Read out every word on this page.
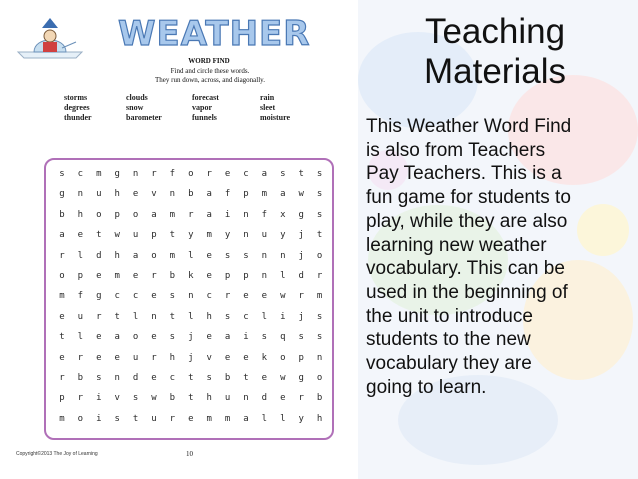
WEATHER
WORD FIND
Find and circle these words.
They run down, across, and diagonally.
storms	clouds	forecast	rain
degrees	snow	vapor	sleet
thunder	barometer	funnels	moisture
s	c	m	g	n	r	f	o	r	e	c	a	s	t	s
g	n	u	h	e	v	n	b	a	f	p	m	a	w	s
b	h	o	p	o	a	m	r	a	i	n	f	x	g	s
a	e	t	w	u	p	t	y	m	y	n	u	y	j	t
r	l	d	h	a	o	m	l	e	s	s	n	n	j	o
o	p	e	m	e	r	b	k	e	p	p	n	l	d	r
m	f	g	c	c	e	s	n	c	r	e	e	w	r	m
e	u	r	t	l	n	t	l	h	s	c	l	i	j	s
t	l	e	a	o	e	s	j	e	a	i	s	q	s	s
e	r	e	e	u	r	h	j	v	e	e	k	o	p	n
r	b	s	n	d	e	c	t	s	b	t	e	w	g	o
p	r	i	v	s	w	b	t	h	u	n	d	e	r	b
m	o	i	s	t	u	r	e	m	m	a	l	l	y	h
Copyright©2013 The Joy of Learning	10
Teaching
Materials

This Weather Word Find
is also from Teachers
Pay Teachers. This is a
fun game for students to
play, while they are also
learning new weather
vocabulary. This can be
used in the beginning of
the unit to introduce
students to the new
vocabulary they are
going to learn.
